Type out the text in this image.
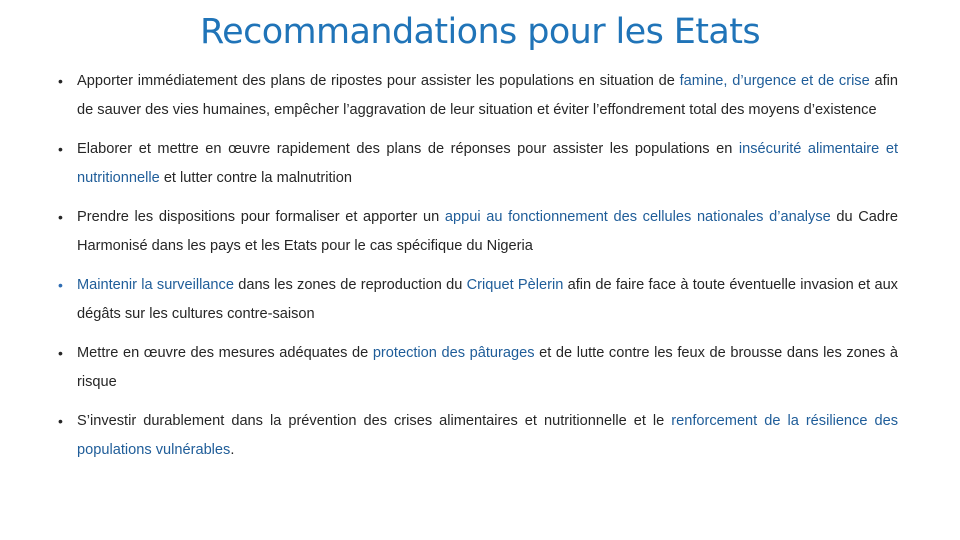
Recommandations pour les Etats
• Apporter immédiatement des plans de ripostes pour assister les populations en situation de famine, d’urgence et de crise afin de sauver des vies humaines, empêcher l’aggravation de leur situation et éviter l’effondrement total des moyens d’existence
• Elaborer et mettre en œuvre rapidement des plans de réponses pour assister les populations en insécurité alimentaire et nutritionnelle et lutter contre la malnutrition
• Prendre les dispositions pour formaliser et apporter un appui au fonctionnement des cellules nationales d’analyse du Cadre Harmonisé dans les pays et les Etats pour le cas spécifique du Nigeria
• Maintenir la surveillance dans les zones de reproduction du Criquet Pèlerin afin de faire face à toute éventuelle invasion et aux dégâts sur les cultures contre-saison
• Mettre en œuvre des mesures adéquates de protection des pâturages et de lutte contre les feux de brousse dans les zones à risque
• S’investir durablement dans la prévention des crises alimentaires et nutritionnelle et le renforcement de la résilience des populations vulnérables.
